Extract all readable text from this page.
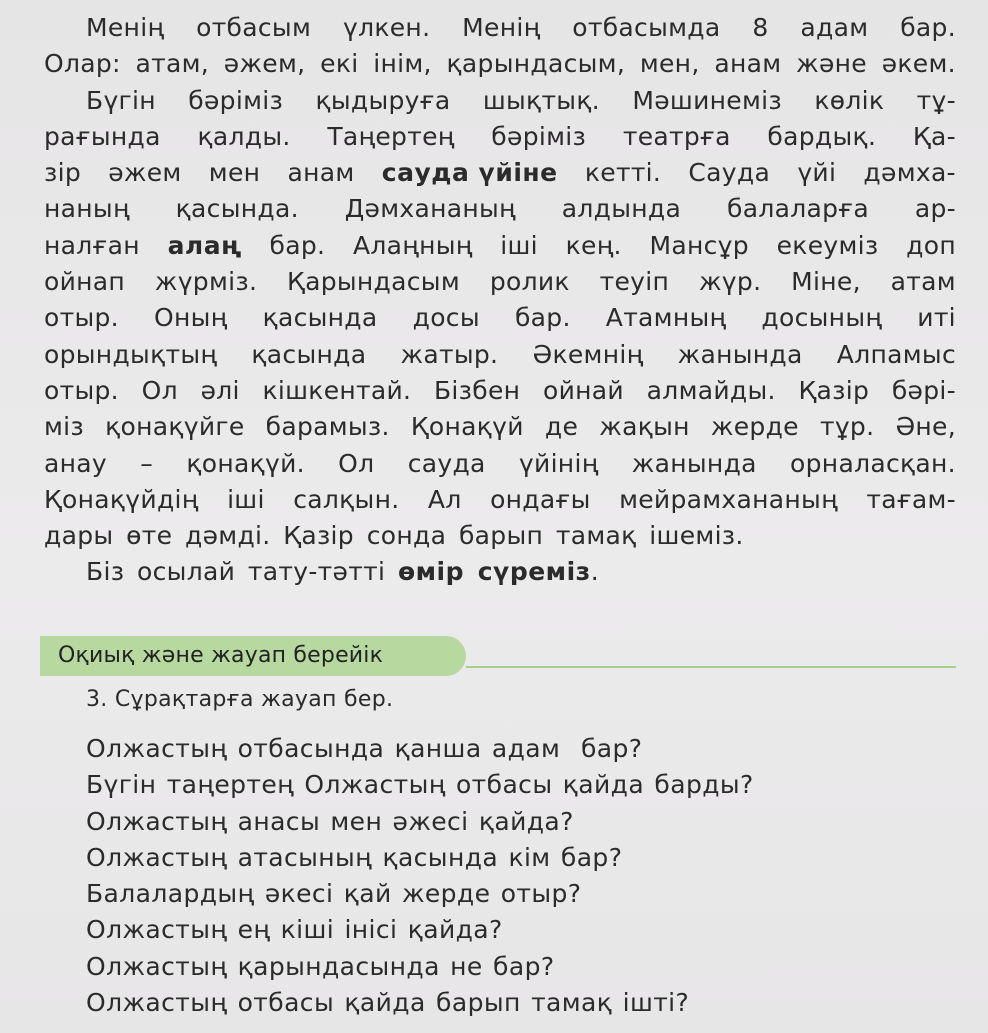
Менің отбасым үлкен. Менің отбасымда 8 адам бар.
Олар: атам, әжем, екі інім, қарындасым, мен, анам және әкем.
Бүгін бәріміз қыдыруға шықтық. Мәшинеміз көлік тұ-
рағында қалды. Таңертең бәріміз театрға бардық. Қа-
зір әжем мен анам сауда үйіне кетті. Сауда үйі дәмха-
наның қасында. Дәмхананың алдында балаларға ар-
налған алаң бар. Алаңның іші кең. Мансұр екеуміз доп
ойнап жүрміз. Қарындасым ролик теуіп жүр. Міне, атам
отыр. Оның қасында досы бар. Атамның досының иті
орындықтың қасында жатыр. Әкемнің жанында Алпамыс
отыр. Ол әлі кішкентай. Бізбен ойнай алмайды. Қазір бәрі-
міз қонақүйге барамыз. Қонақүй де жақын жерде тұр. Әне,
анау – қонақүй. Ол сауда үйінің жанында орналасқан.
Қонақүйдің іші салқын. Ал ондағы мейрамхананың тағам-
дары өте дәмді. Қазір сонда барып тамақ ішеміз.
Біз осылай тату-тәтті өмір сүреміз .
Оқиық және жауап берейік
3. Сұрақтарға жауап бер.
Олжастың отбасында қанша адам  бар?
Бүгін таңертең Олжастың отбасы қайда барды?
Олжастың анасы мен әжесі қайда?
Олжастың атасының қасында кім бар?
Балалардың әкесі қай жерде отыр?
Олжастың ең кіші інісі қайда?
Олжастың қарындасында не бар?
Олжастың отбасы қайда барып тамақ ішті?
